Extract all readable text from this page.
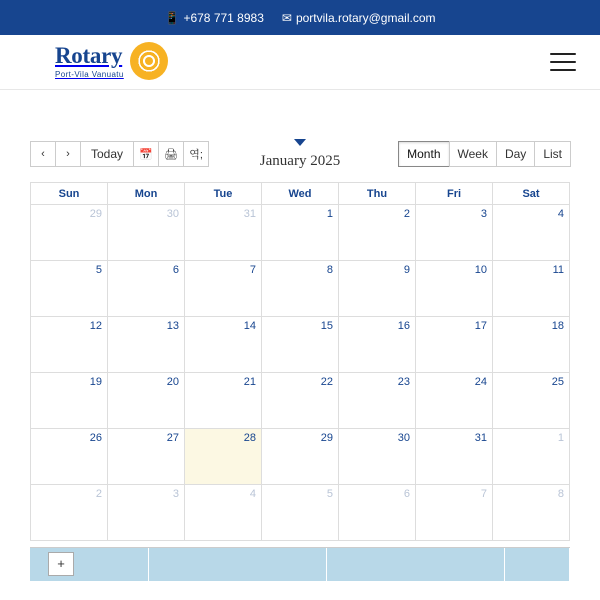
📱 +678 771 8983 ✉ portvila.rotary@gmail.com
Rotary
Port-Vila Vanuatu
‹	›	Today	📅	🖨	역;	January 2025	Month	Week	Day	List
Sun	Mon	Tue	Wed	Thu	Fri	Sat

29	30	31	1	2	3	4

5	6	7	8	9	10	11

12	13	14	15	16	17	18

19	20	21	22	23	24	25

26	27	28	29	30	31	1

2	3	4	5	6	7	8
+
